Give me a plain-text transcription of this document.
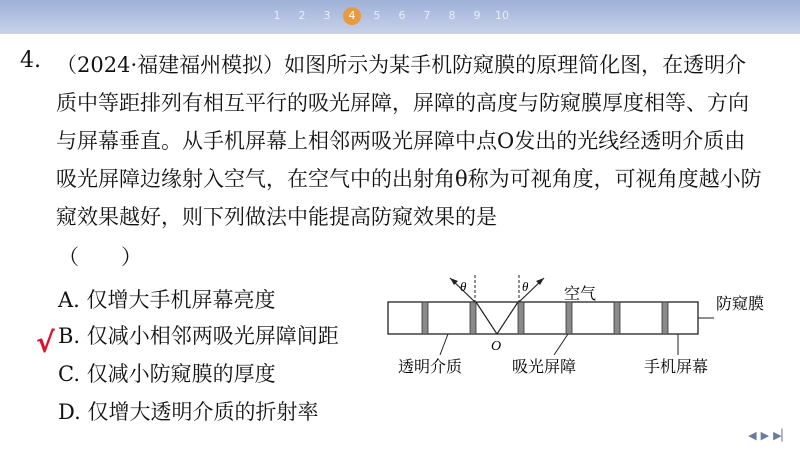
1	2	3	4	5	6	7	8	9	10
4. （2024·福建福州模拟）如图所示为某手机防窥膜的原理简化图，在透明介质中等距排列有相互平行的吸光屏障，屏障的高度与防窥膜厚度相等、方向与屏幕垂直。从手机屏幕上相邻两吸光屏障中点O发出的光线经透明介质由吸光屏障边缘射入空气，在空气中的出射角θ称为可视角度，可视角度越小防窥效果越好，则下列做法中能提高防窥效果的是
（　　）
A. 仅增大手机屏幕亮度
B. 仅减小相邻两吸光屏障间距
C. 仅减小防窥膜的厚度
D. 仅增大透明介质的折射率
√
θ	θ
O
空气
防窥膜
透明介质	吸光屏障	手机屏幕
◀ ▶ ▶▏
